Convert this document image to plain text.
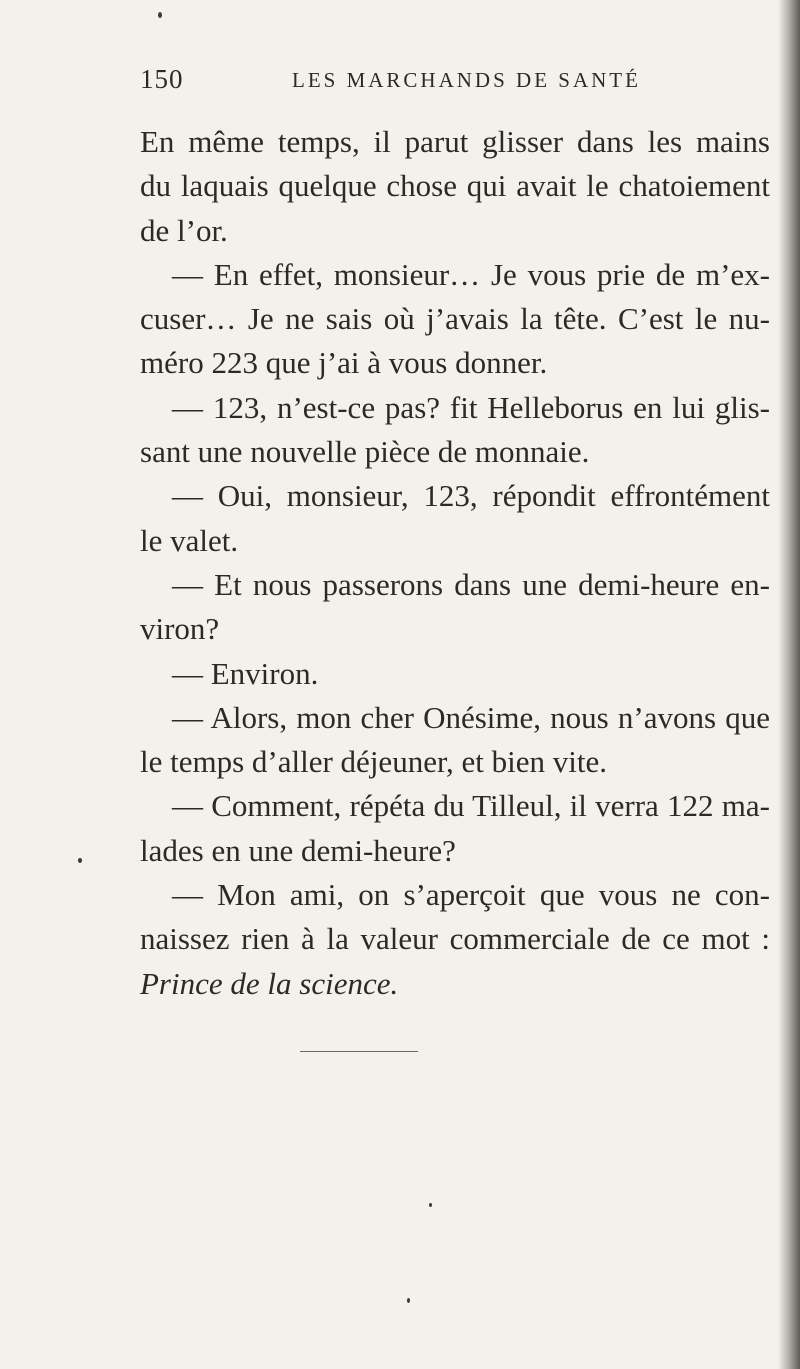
150	LES MARCHANDS DE SANTÉ
En même temps, il parut glisser dans les mains
du laquais quelque chose qui avait le chatoiement
de l’or.
— En effet, monsieur… Je vous prie de m’ex-
cuser… Je ne sais où j’avais la tête. C’est le nu-
méro 223 que j’ai à vous donner.
— 123, n’est-ce pas? fit Helleborus en lui glis-
sant une nouvelle pièce de monnaie.
— Oui, monsieur, 123, répondit effrontément
le valet.
— Et nous passerons dans une demi-heure en-
viron?
— Environ.
— Alors, mon cher Onésime, nous n’avons que
le temps d’aller déjeuner, et bien vite.
— Comment, répéta du Tilleul, il verra 122 ma-
lades en une demi-heure?
— Mon ami, on s’aperçoit que vous ne con-
naissez rien à la valeur commerciale de ce mot :
Prince de la science.
